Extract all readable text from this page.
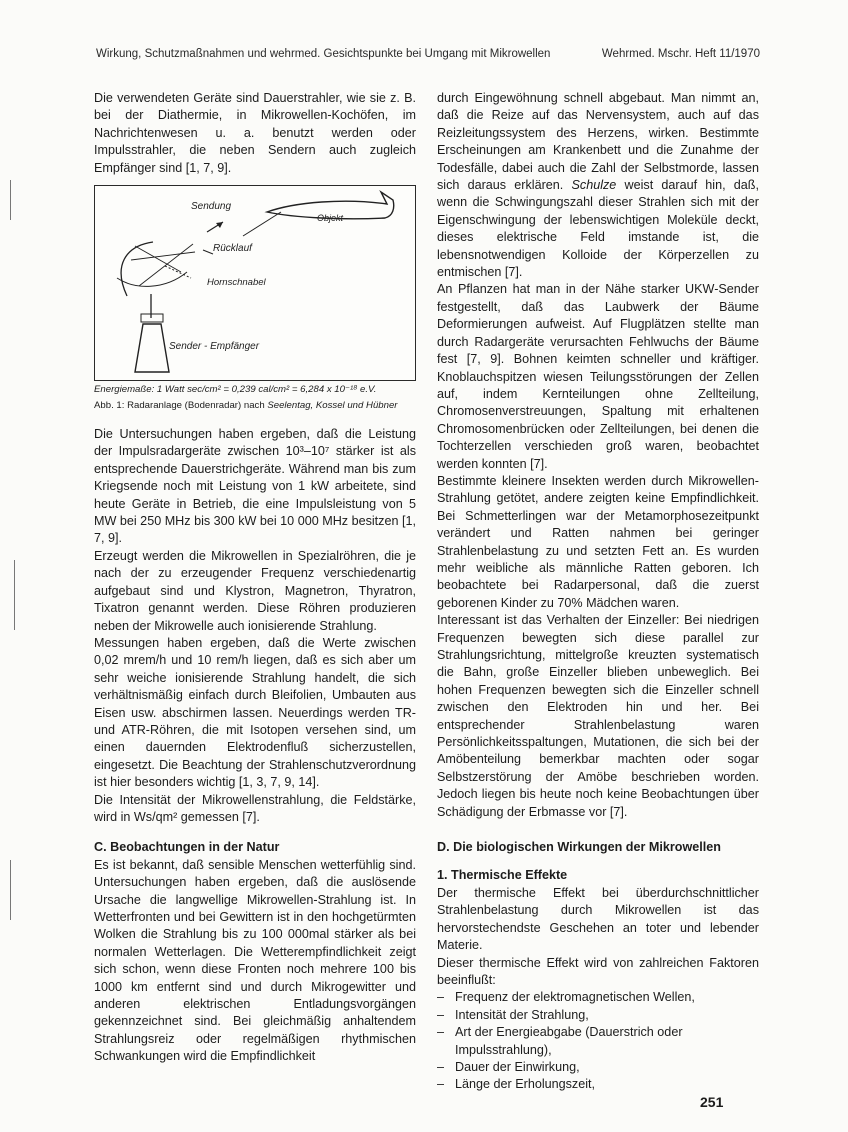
Wirkung, Schutzmaßnahmen und wehrmed. Gesichtspunkte bei Umgang mit Mikrowellen	Wehrmed. Mschr. Heft 11/1970

Die verwendeten Geräte sind Dauerstrahler, wie sie z. B. bei der Diathermie, in Mikrowellen-Kochöfen, im Nachrichtenwesen u. a. benutzt werden oder Impulsstrahler, die neben Sendern auch zugleich Empfänger sind [1, 7, 9].

Sendung
Objekt
Rücklauf
Hornschnabel
Sender - Empfänger
Energiemaße: 1 Watt sec/cm² = 0,239 cal/cm² = 6,284 x 10⁻¹⁸ e.V.
Abb. 1: Radaranlage (Bodenradar) nach Seelentag, Kossel und Hübner

Die Untersuchungen haben ergeben, daß die Leistung der Impulsradargeräte zwischen 10³–10⁷ stärker ist als entsprechende Dauerstrichgeräte. Während man bis zum Kriegsende noch mit Leistung von 1 kW arbeitete, sind heute Geräte in Betrieb, die eine Impulsleistung von 5 MW bei 250 MHz bis 300 kW bei 10 000 MHz besitzen [1, 7, 9].

Erzeugt werden die Mikrowellen in Spezialröhren, die je nach der zu erzeugender Frequenz verschiedenartig aufgebaut sind und Klystron, Magnetron, Thyratron, Tixatron genannt werden. Diese Röhren produzieren neben der Mikrowelle auch ionisierende Strahlung.

Messungen haben ergeben, daß die Werte zwischen 0,02 mrem/h und 10 rem/h liegen, daß es sich aber um sehr weiche ionisierende Strahlung handelt, die sich verhältnismäßig einfach durch Bleifolien, Umbauten aus Eisen usw. abschirmen lassen. Neuerdings werden TR- und ATR-Röhren, die mit Isotopen versehen sind, um einen dauernden Elektrodenfluß sicherzustellen, eingesetzt. Die Beachtung der Strahlenschutzverordnung ist hier besonders wichtig [1, 3, 7, 9, 14].

Die Intensität der Mikrowellenstrahlung, die Feldstärke, wird in Ws/qm² gemessen [7].

C. Beobachtungen in der Natur

Es ist bekannt, daß sensible Menschen wetterfühlig sind. Untersuchungen haben ergeben, daß die auslösende Ursache die langwellige Mikrowellen-Strahlung ist. In Wetterfronten und bei Gewittern ist in den hochgetürmten Wolken die Strahlung bis zu 100 000mal stärker als bei normalen Wetterlagen. Die Wetterempfindlichkeit zeigt sich schon, wenn diese Fronten noch mehrere 100 bis 1000 km entfernt sind und durch Mikrogewitter und anderen elektrischen Entladungsvorgängen gekennzeichnet sind. Bei gleichmäßig anhaltendem Strahlungsreiz oder regelmäßigen rhythmischen Schwankungen wird die Empfindlichkeit

durch Eingewöhnung schnell abgebaut. Man nimmt an, daß die Reize auf das Nervensystem, auch auf das Reizleitungssystem des Herzens, wirken. Bestimmte Erscheinungen am Krankenbett und die Zunahme der Todesfälle, dabei auch die Zahl der Selbstmorde, lassen sich daraus erklären. Schulze weist darauf hin, daß, wenn die Schwingungszahl dieser Strahlen sich mit der Eigenschwingung der lebenswichtigen Moleküle deckt, dieses elektrische Feld imstande ist, die lebensnotwendigen Kolloide der Körperzellen zu entmischen [7].

An Pflanzen hat man in der Nähe starker UKW-Sender festgestellt, daß das Laubwerk der Bäume Deformierungen aufweist. Auf Flugplätzen stellte man durch Radargeräte verursachten Fehlwuchs der Bäume fest [7, 9]. Bohnen keimten schneller und kräftiger. Knoblauchspitzen wiesen Teilungsstörungen der Zellen auf, indem Kernteilungen ohne Zellteilung, Chromosenverstreuungen, Spaltung mit erhaltenen Chromosomenbrücken oder Zellteilungen, bei denen die Tochterzellen verschieden groß waren, beobachtet werden konnten [7].

Bestimmte kleinere Insekten werden durch Mikrowellen-Strahlung getötet, andere zeigten keine Empfindlichkeit. Bei Schmetterlingen war der Metamorphosezeitpunkt verändert und Ratten nahmen bei geringer Strahlenbelastung zu und setzten Fett an. Es wurden mehr weibliche als männliche Ratten geboren. Ich beobachtete bei Radarpersonal, daß die zuerst geborenen Kinder zu 70% Mädchen waren.

Interessant ist das Verhalten der Einzeller: Bei niedrigen Frequenzen bewegten sich diese parallel zur Strahlungsrichtung, mittelgroße kreuzten systematisch die Bahn, große Einzeller blieben unbeweglich. Bei hohen Frequenzen bewegten sich die Einzeller schnell zwischen den Elektroden hin und her. Bei entsprechender Strahlenbelastung waren Persönlichkeitsspaltungen, Mutationen, die sich bei der Amöbenteilung bemerkbar machten oder sogar Selbstzerstörung der Amöbe beschrieben worden. Jedoch liegen bis heute noch keine Beobachtungen über Schädigung der Erbmasse vor [7].

D. Die biologischen Wirkungen der Mikrowellen
1. Thermische Effekte

Der thermische Effekt bei überdurchschnittlicher Strahlenbelastung durch Mikrowellen ist das hervorstechendste Geschehen an toter und lebender Materie.

Dieser thermische Effekt wird von zahlreichen Faktoren beeinflußt:

– Frequenz der elektromagnetischen Wellen,
– Intensität der Strahlung,
– Art der Energieabgabe (Dauerstrich oder Impulsstrahlung),
– Dauer der Einwirkung,
– Länge der Erholungszeit,
251
